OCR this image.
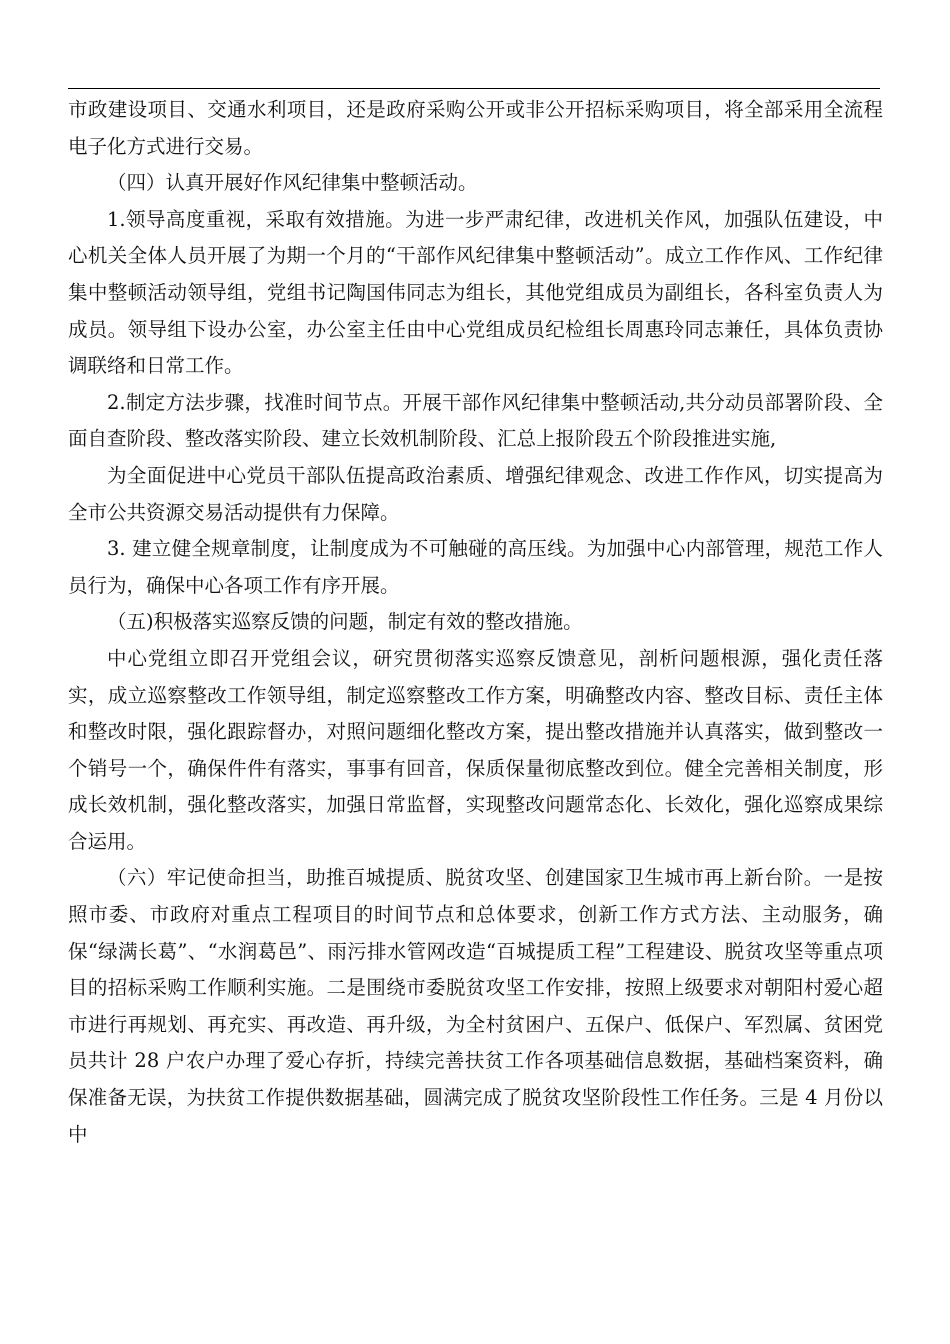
市政建设项目、交通水利项目，还是政府采购公开或非公开招标采购项目，将全部采用全流程电子化方式进行交易。

（四）认真开展好作风纪律集中整顿活动。

1.领导高度重视，采取有效措施。为进一步严肃纪律，改进机关作风，加强队伍建设，中心机关全体人员开展了为期一个月的“干部作风纪律集中整顿活动”。成立工作作风、工作纪律集中整顿活动领导组，党组书记陶国伟同志为组长，其他党组成员为副组长，各科室负责人为成员。领导组下设办公室，办公室主任由中心党组成员纪检组长周惠玲同志兼任，具体负责协调联络和日常工作。

2.制定方法步骤，找准时间节点。开展干部作风纪律集中整顿活动,共分动员部署阶段、全面自查阶段、整改落实阶段、建立长效机制阶段、汇总上报阶段五个阶段推进实施,

为全面促进中心党员干部队伍提高政治素质、增强纪律观念、改进工作作风，切实提高为全市公共资源交易活动提供有力保障。

3. 建立健全规章制度，让制度成为不可触碰的高压线。为加强中心内部管理，规范工作人员行为，确保中心各项工作有序开展。

（五)积极落实巡察反馈的问题，制定有效的整改措施。

中心党组立即召开党组会议，研究贯彻落实巡察反馈意见，剖析问题根源，强化责任落实，成立巡察整改工作领导组，制定巡察整改工作方案，明确整改内容、整改目标、责任主体和整改时限，强化跟踪督办，对照问题细化整改方案，提出整改措施并认真落实，做到整改一个销号一个，确保件件有落实，事事有回音，保质保量彻底整改到位。健全完善相关制度，形成长效机制，强化整改落实，加强日常监督，实现整改问题常态化、长效化，强化巡察成果综合运用。

（六）牢记使命担当，助推百城提质、脱贫攻坚、创建国家卫生城市再上新台阶。一是按照市委、市政府对重点工程项目的时间节点和总体要求，创新工作方式方法、主动服务，确保“绿满长葛”、“水润葛邑”、雨污排水管网改造“百城提质工程”工程建设、脱贫攻坚等重点项目的招标采购工作顺利实施。二是围绕市委脱贫攻坚工作安排，按照上级要求对朝阳村爱心超市进行再规划、再充实、再改造、再升级，为全村贫困户、五保户、低保户、军烈属、贫困党员共计 28 户农户办理了爱心存折，持续完善扶贫工作各项基础信息数据，基础档案资料，确保准备无误，为扶贫工作提供数据基础，圆满完成了脱贫攻坚阶段性工作任务。三是 4 月份以中
